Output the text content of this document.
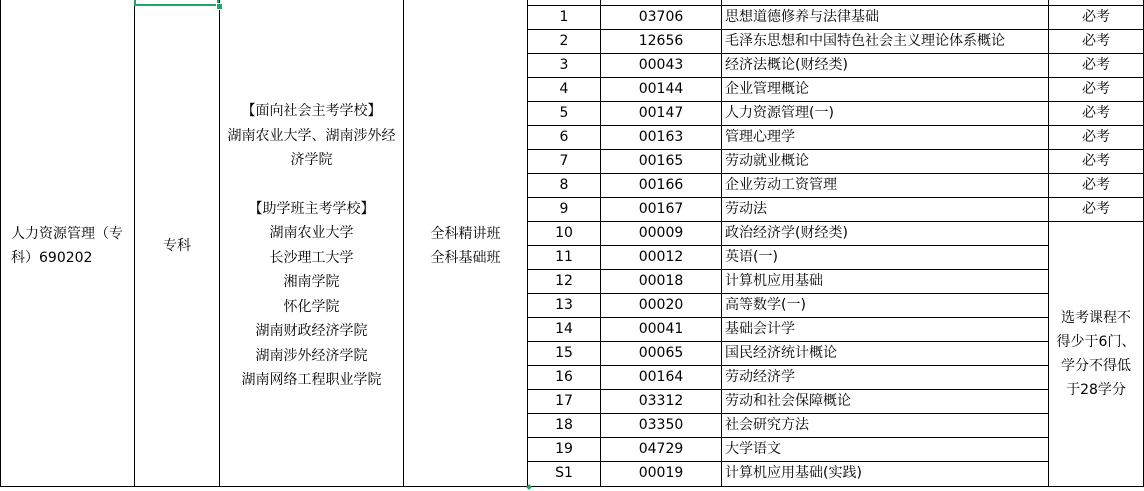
人力资源管理（专
科）690202
专科
【面向社会主考学校】
湖南农业大学、湖南涉外经
济学院
【助学班主考学校】
湖南农业大学
长沙理工大学
湘南学院
怀化学院
湖南财政经济学院
湖南涉外经济学院
湖南网络工程职业学院
全科精讲班
全科基础班
选考课程不
得少于6门、
学分不得低
于28学分
1	03706	思想道德修养与法律基础	必考
2	12656	毛泽东思想和中国特色社会主义理论体系概论	必考
3	00043	经济法概论(财经类)	必考
4	00144	企业管理概论	必考
5	00147	人力资源管理(一)	必考
6	00163	管理心理学	必考
7	00165	劳动就业概论	必考
8	00166	企业劳动工资管理	必考
9	00167	劳动法	必考
10	00009	政治经济学(财经类)
11	00012	英语(一)
12	00018	计算机应用基础
13	00020	高等数学(一)
14	00041	基础会计学
15	00065	国民经济统计概论
16	00164	劳动经济学
17	03312	劳动和社会保障概论
18	03350	社会研究方法
19	04729	大学语文
S1	00019	计算机应用基础(实践)
